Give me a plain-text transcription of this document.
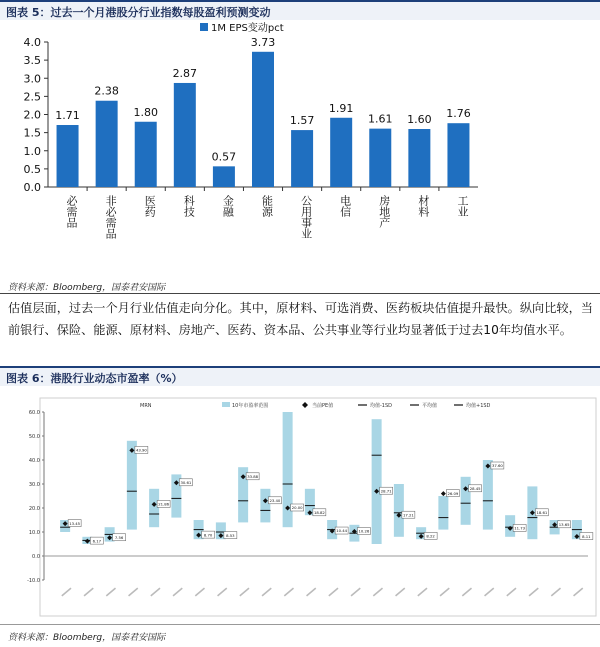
图表 5：过去一个月港股分行业指数每股盈利预测变动
0.0
0.5
1.0
1.5
2.0
2.5
3.0
3.5
4.0
1.71
必需品
2.38
非必需品
1.80
医药
2.87
科技
0.57
金融
3.73
能源
1.57
公用事业
1.91
电信
1.61
房地产
1.60
材料
1.76
工业
1M EPS变动pct
资料来源：Bloomberg，国泰君安国际
估值层面，过去一个月行业估值走向分化。其中，原材料、可选消费、医药板块估值提升最快。纵向比较，当前银行、保险、能源、原材料、房地产、医药、资本品、公共事业等行业均显著低于过去10年均值水平。
图表 6：港股行业动态市盈率（%）
-10.0
0.0
10.0
20.0
30.0
40.0
50.0
60.0
MRN	10年市盈率范围	当前PE值	均值-1SD	平均值	均值+1SD
13.45
6.17
7.56
43.90
21.86
30.61
8.70	8.53
33.88
23.40
20.00
18.82
10.44	10.26
28.71
17.21
8.22
26.09
28.45
37.60
11.73
18.61
13.65
8.11
资料来源：Bloomberg，国泰君安国际
